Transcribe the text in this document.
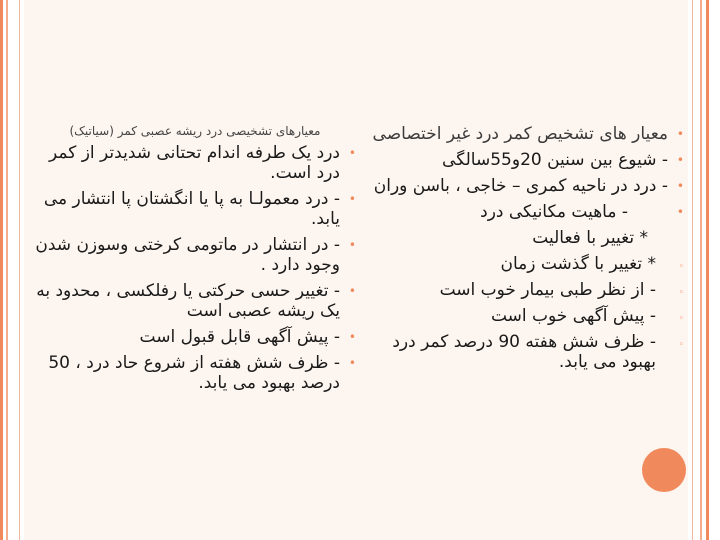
•
معیار های تشخیص کمر درد غیر اختصاصی
•
- شیوع بین سنین 20و55سالگی
•
- درد در ناحیه کمری – خاجی ، باسن وران
•
- ماهیت مکانیکی درد
* تغییر با فعالیت
◦
* تغییر با گذشت زمان
◦
- از نظر طبی بیمار خوب است
◦
- پیش آگهی خوب است
◦
- ظرف شش هفته 90 درصد کمر درد بهبود می یابد.
معیارهای تشخیصی درد ریشه عصبی کمر (سیاتیک)
•
درد یک طرفه اندام تحتانی شدیدتر از کمر درد است.
•
- درد معمولـا به پا یا انگشتان پا انتشار می یابد.
•
- در انتشار در ماتومی کرختی وسوزن شدن وجود دارد .
•
- تغییر حسی حرکتی یا رفلکسی ، محدود به یک ریشه عصبی است
•
- پیش آگهی قابل قبول است
•
- ظرف شش هفته از شروع حاد درد ، 50 درصد بهبود می یابد.
